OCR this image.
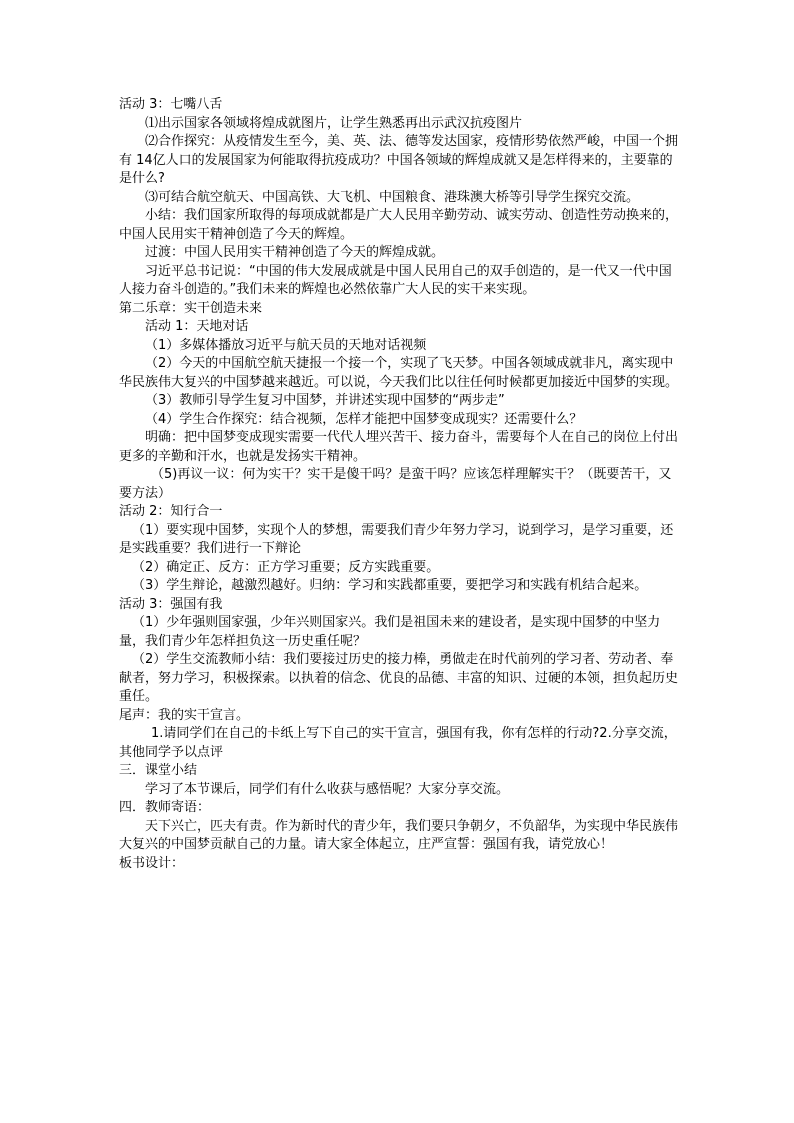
活动 3：七嘴八舌

⑴出示国家各领域将煌成就图片，让学生熟悉再出示武汉抗疫图片

⑵合作探究：从疫情发生至今，美、英、法、德等发达国家，疫情形势依然严峻，中国一个拥有 14亿人口的发展国家为何能取得抗疫成功？中国各领域的辉煌成就又是怎样得来的，主要靠的是什么?

⑶可结合航空航天、中国高铁、大飞机、中国粮食、港珠澳大桥等引导学生探究交流。

小结：我们国家所取得的每项成就都是广大人民用辛勤劳动、诚实劳动、创造性劳动换来的，中国人民用实干精神创造了今天的辉煌。

过渡：中国人民用实干精神创造了今天的辉煌成就。

习近平总书记说：“中国的伟大发展成就是中国人民用自己的双手创造的，是一代又一代中国人接力奋斗创造的。”我们未来的辉煌也必然依靠广大人民的实干来实现。

第二乐章：实干创造未来

活动 1：天地对话

（1）多媒体播放习近平与航天员的天地对话视频

（2）今天的中国航空航天捷报一个接一个，实现了飞天梦。中国各领域成就非凡，离实现中华民族伟大复兴的中国梦越来越近。可以说，今天我们比以往任何时候都更加接近中国梦的实现。

（3）教师引导学生复习中国梦，并讲述实现中国梦的“两步走”

（4）学生合作探究：结合视频，怎样才能把中国梦变成现实？还需要什么？

明确：把中国梦变成现实需要一代代人埋兴苦干、接力奋斗，需要每个人在自己的岗位上付出更多的辛勤和汗水，也就是发扬实干精神。

（5)再议一议：何为实干？实干是傻干吗？是蛮干吗？应该怎样理解实干？（既要苦干，又要方法）

活动 2：知行合一

（1）要实现中国梦，实现个人的梦想，需要我们青少年努力学习，说到学习，是学习重要，还是实践重要？我们进行一下辩论

（2）确定正、反方：正方学习重要；反方实践重要。

（3）学生辩论，越激烈越好。归纳：学习和实践都重要，要把学习和实践有机结合起来。

活动 3：强国有我

（1）少年强则国家强，少年兴则国家兴。我们是祖国未来的建设者，是实现中国梦的中坚力量，我们青少年怎样担负这一历史重任呢？

（2）学生交流教师小结：我们要接过历史的接力棒，勇做走在时代前列的学习者、劳动者、奉献者，努力学习，积极探索。以执着的信念、优良的品德、丰富的知识、过硬的本领，担负起历史重任。

尾声：我的实干宣言。

1.请同学们在自己的卡纸上写下自己的实干宣言，强国有我，你有怎样的行动?2.分享交流，其他同学予以点评

三．课堂小结

学习了本节课后，同学们有什么收获与感悟呢？大家分享交流。

四．教师寄语：

天下兴亡，匹夫有责。作为新时代的青少年，我们要只争朝夕，不负韶华，为实现中华民族伟大复兴的中国梦贡献自己的力量。请大家全体起立，庄严宣誓：强国有我，请党放心！

板书设计：
